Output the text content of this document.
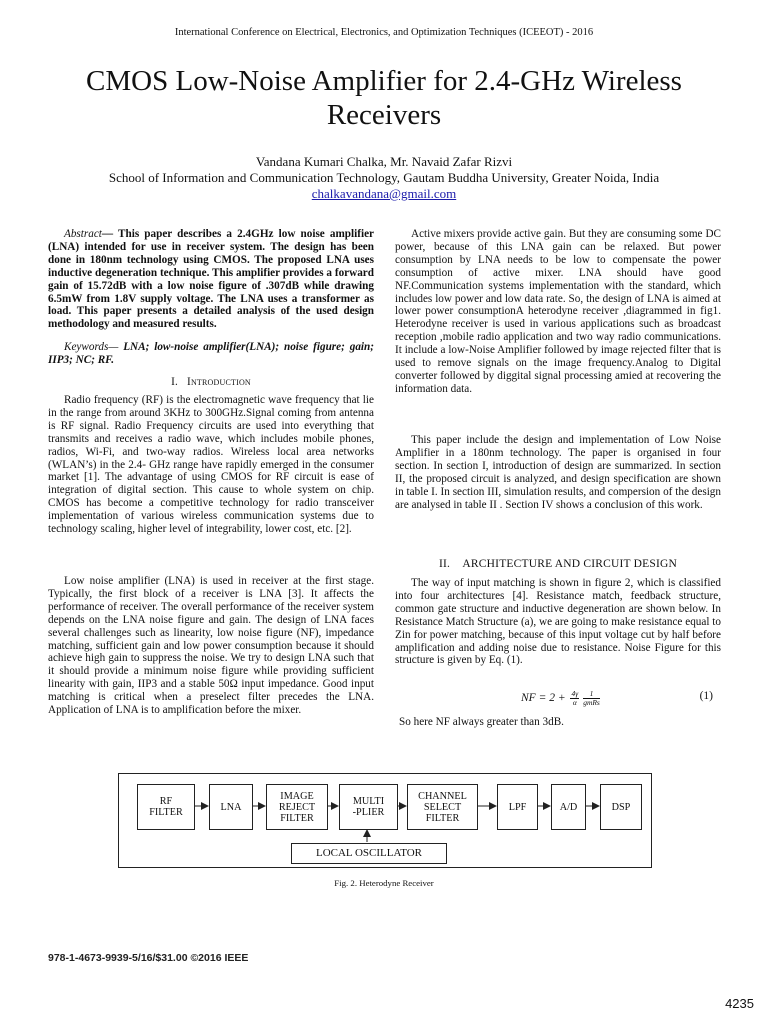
International Conference on Electrical, Electronics, and Optimization Techniques (ICEEOT) - 2016
CMOS Low-Noise Amplifier for 2.4-GHz Wireless Receivers
Vandana Kumari Chalka, Mr. Navaid Zafar Rizvi
School of Information and Communication Technology, Gautam Buddha University, Greater Noida, India
chalkavandana@gmail.com

Abstract— This paper describes a 2.4GHz low noise amplifier (LNA) intended for use in receiver system. The design has been done in 180nm technology using CMOS. The proposed LNA uses inductive degeneration technique. This amplifier provides a forward gain of 15.72dB with a low noise figure of .307dB while drawing 6.5mW from 1.8V supply voltage. The LNA uses a transformer as load. This paper presents a detailed analysis of the used design methodology and measured results.

Keywords— LNA; low-noise amplifier(LNA); noise figure; gain; IIP3; NC; RF.

I. Introduction

Radio frequency (RF) is the electromagnetic wave frequency that lie in the range from around 3KHz to 300GHz.Signal coming from antenna is RF signal. Radio Frequency circuits are used into everything that transmits and receives a radio wave, which includes mobile phones, radios, Wi-Fi, and two-way radios. Wireless local area networks (WLAN’s) in the 2.4- GHz range have rapidly emerged in the consumer market [1]. The advantage of using CMOS for RF circuit is ease of integration of digital section. This cause to whole system on chip. CMOS has become a competitive technology for radio transceiver implementation of various wireless communication systems due to technology scaling, higher level of integrability, lower cost, etc. [2].

Low noise amplifier (LNA) is used in receiver at the first stage. Typically, the first block of a receiver is LNA [3]. It affects the performance of receiver. The overall performance of the receiver system depends on the LNA noise figure and gain. The design of LNA faces several challenges such as linearity, low noise figure (NF), impedance matching, sufficient gain and low power consumption because it should achieve high gain to suppress the noise. We try to design LNA such that it should provide a minimum noise figure while providing sufficient linearity with gain, IIP3 and a stable 50Ω input impedance. Good input matching is critical when a preselect filter precedes the LNA. Application of LNA is to amplification before the mixer.

Active mixers provide active gain. But they are consuming some DC power, because of this LNA gain can be relaxed. But power consumption by LNA needs to be low to compensate the power consumption of active mixer. LNA should have good NF.Communication systems implementation with the standard, which includes low power and low data rate. So, the design of LNA is aimed at lower power consumptionA heterodyne receiver ,diagrammed in fig1. Heterodyne receiver is used in various applications such as broadcast reception ,mobile radio application and two way radio communications. It include a low-Noise Amplifier followed by image rejected filter that is used to remove signals on the image frequency.Analog to Digital converter followed by diggital signal processing amied at recovering the information data.

This paper include the design and implementation of Low Noise Amplifier in a 180nm technology. The paper is organised in four section. In section I, introduction of design are summarized. In section II, the proposed circuit is analyzed, and design specification are shown in table I. In section III, simulation results, and compersion of the design are analysed in table II . Section IV shows a conclusion of this work.

II. ARCHITECTURE AND CIRCUIT DESIGN

The way of input matching is shown in figure 2, which is classified into four architectures [4]. Resistance match, feedback structure, common gate structure and inductive degeneration are shown below. In Resistance Match Structure (a), we are going to make resistance equal to Zin for power matching, because of this input voltage cut by half before amplification and adding noise due to resistance. Noise Figure for this structure is given by Eq. (1).

NF = $2 + \frac{4\gamma}{\alpha} \frac{1}{\text{gmRs}}$	(1)
So here NF always greater than 3dB.
RF
FILTER	LNA
IMAGE
REJECT
FILTER
MULTI
-PLIER
CHANNEL
SELECT
FILTER
LPF	A/D	DSP
LOCAL OSCILLATOR
Fig. 2. Heterodyne Receiver
978-1-4673-9939-5/16/$31.00 ©2016 IEEE
4235
